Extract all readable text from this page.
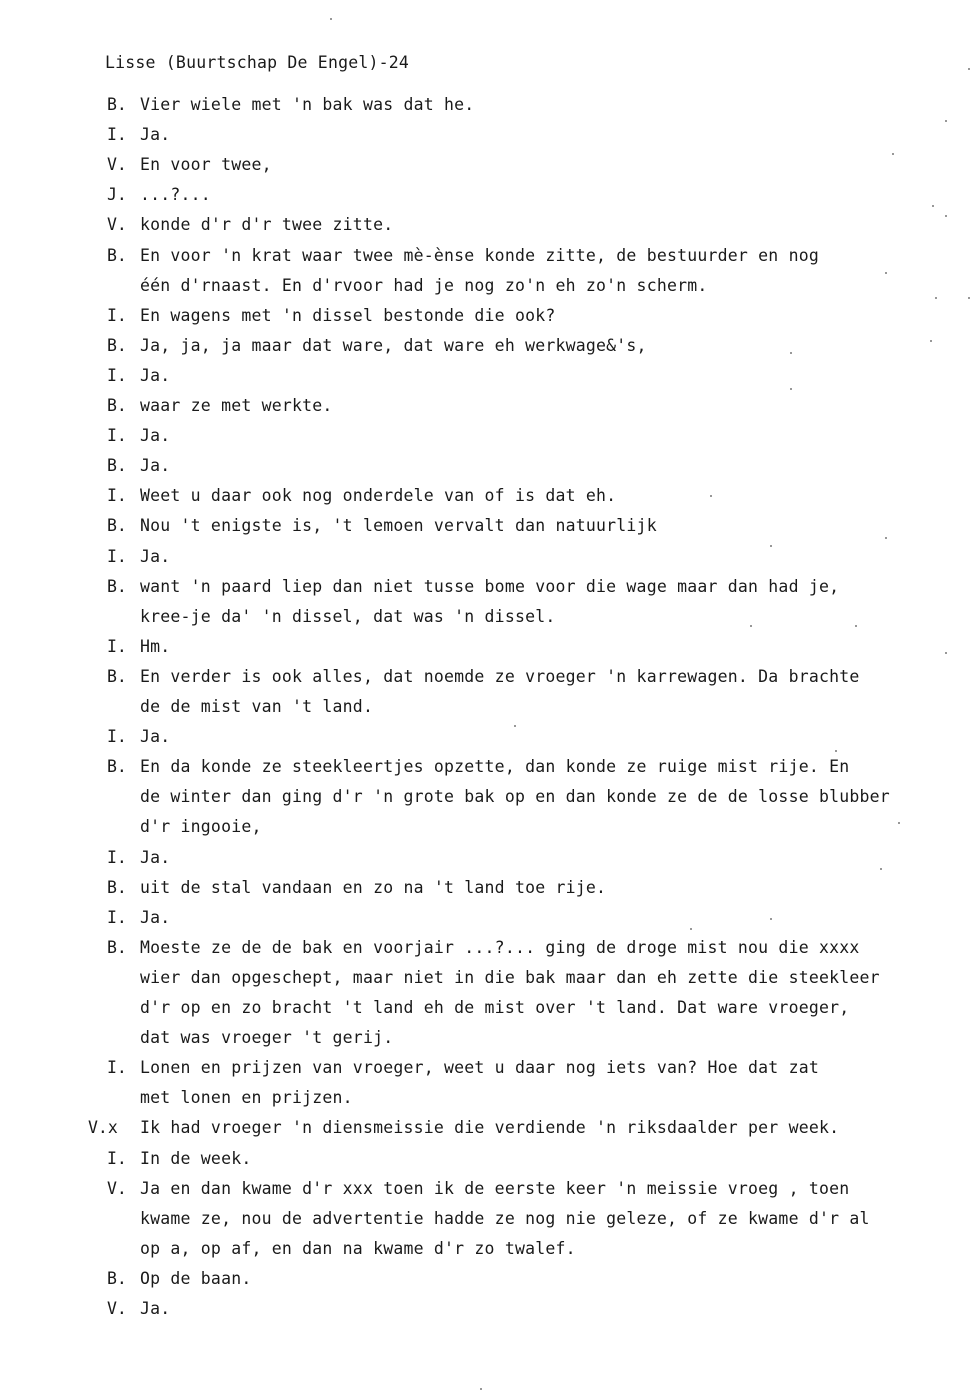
Lisse (Buurtschap De Engel)-24
B. Vier wiele met 'n bak was dat he.
I. Ja.
V. En voor twee,
J. ...?...
V. konde d'r d'r twee zitte.
B. En voor 'n krat waar twee mè-ènse konde zitte, de bestuurder en nog
één d'rnaast. En d'rvoor had je nog zo'n eh zo'n scherm.
I. En wagens met 'n dissel bestonde die ook?
B. Ja, ja, ja maar dat ware, dat ware eh werkwage&'s,
I. Ja.
B. waar ze met werkte.
I. Ja.
B. Ja.
I. Weet u daar ook nog onderdele van of is dat eh.
B. Nou 't enigste is, 't lemoen vervalt dan natuurlijk
I. Ja.
B. want 'n paard liep dan niet tusse bome voor die wage maar dan had je,
kree-je da' 'n dissel, dat was 'n dissel.
I. Hm.
B. En verder is ook alles, dat noemde ze vroeger 'n karrewagen. Da brachte
de de mist van 't land.
I. Ja.
B. En da konde ze steekleertjes opzette, dan konde ze ruige mist rije. En
de winter dan ging d'r 'n grote bak op en dan konde ze de de losse blubber
d'r ingooie,
I. Ja.
B. uit de stal vandaan en zo na 't land toe rije.
I. Ja.
B. Moeste ze de de bak en voorjair ...?... ging de droge mist nou die xxxx
wier dan opgeschept, maar niet in die bak maar dan eh zette die steekleer
d'r op en zo bracht 't land eh de mist over 't land. Dat ware vroeger,
dat was vroeger 't gerij.
I. Lonen en prijzen van vroeger, weet u daar nog iets van? Hoe dat zat
met lonen en prijzen.
V.x Ik had vroeger 'n diensmeissie die verdiende 'n riksdaalder per week.
I. In de week.
V. Ja en dan kwame d'r xxx toen ik de eerste keer 'n meissie vroeg , toen
kwame ze, nou de advertentie hadde ze nog nie geleze, of ze kwame d'r al
op a, op af, en dan na kwame d'r zo twalef.
B. Op de baan.
V. Ja.
